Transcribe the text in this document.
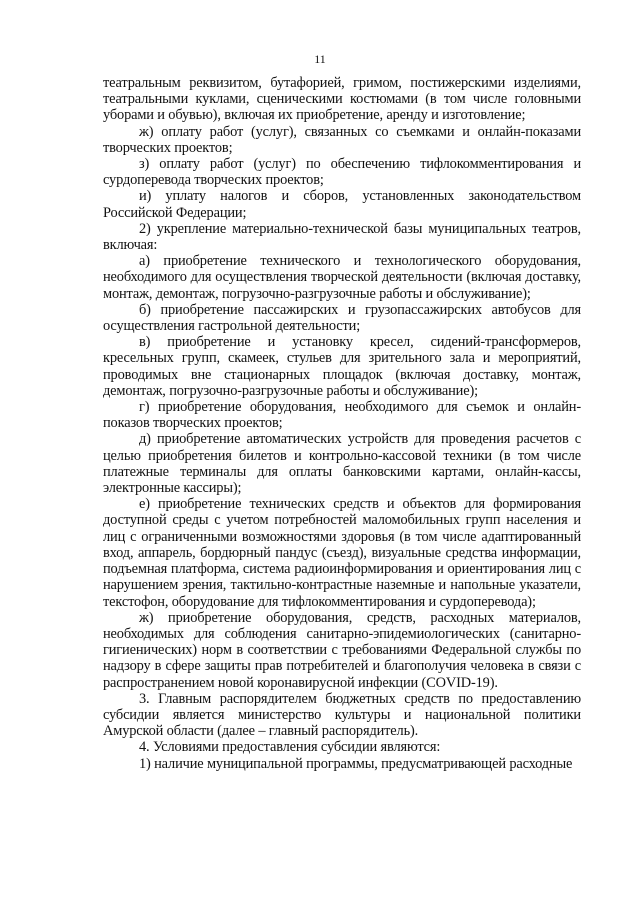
11

театральным реквизитом, бутафорией, гримом, постижерскими изделиями, театральными куклами, сценическими костюмами (в том числе головными уборами и обувью), включая их приобретение, аренду и изготовление;

ж) оплату работ (услуг), связанных со съемками и онлайн-показами творческих проектов;

з) оплату работ (услуг) по обеспечению тифлокомментирования и сурдоперевода творческих проектов;

и) уплату налогов и сборов, установленных законодательством Российской Федерации;

2) укрепление материально-технической базы муниципальных театров, включая:

а) приобретение технического и технологического оборудования, необходимого для осуществления творческой деятельности (включая доставку, монтаж, демонтаж, погрузочно-разгрузочные работы и обслуживание);

б) приобретение пассажирских и грузопассажирских автобусов для осуществления гастрольной деятельности;

в) приобретение и установку кресел, сидений-трансформеров, кресельных групп, скамеек, стульев для зрительного зала и мероприятий, проводимых вне стационарных площадок (включая доставку, монтаж, демонтаж, погрузочно-разгрузочные работы и обслуживание);

г) приобретение оборудования, необходимого для съемок и онлайн-показов творческих проектов;

д) приобретение автоматических устройств для проведения расчетов с целью приобретения билетов и контрольно-кассовой техники (в том числе платежные терминалы для оплаты банковскими картами, онлайн-кассы, электронные кассиры);

е) приобретение технических средств и объектов для формирования доступной среды с учетом потребностей маломобильных групп населения и лиц с ограниченными возможностями здоровья (в том числе адаптированный вход, аппарель, бордюрный пандус (съезд), визуальные средства информации, подъемная платформа, система радиоинформирования и ориентирования лиц с нарушением зрения, тактильно-контрастные наземные и напольные указатели, текстофон, оборудование для тифлокомментирования и сурдоперевода);

ж) приобретение оборудования, средств, расходных материалов, необходимых для соблюдения санитарно-эпидемиологических (санитарно-гигиенических) норм в соответствии с требованиями Федеральной службы по надзору в сфере защиты прав потребителей и благополучия человека в связи с распространением новой коронавирусной инфекции (COVID-19).

3. Главным распорядителем бюджетных средств по предоставлению субсидии является министерство культуры и национальной политики Амурской области (далее – главный распорядитель).

4. Условиями предоставления субсидии являются:

1) наличие муниципальной программы, предусматривающей расходные
